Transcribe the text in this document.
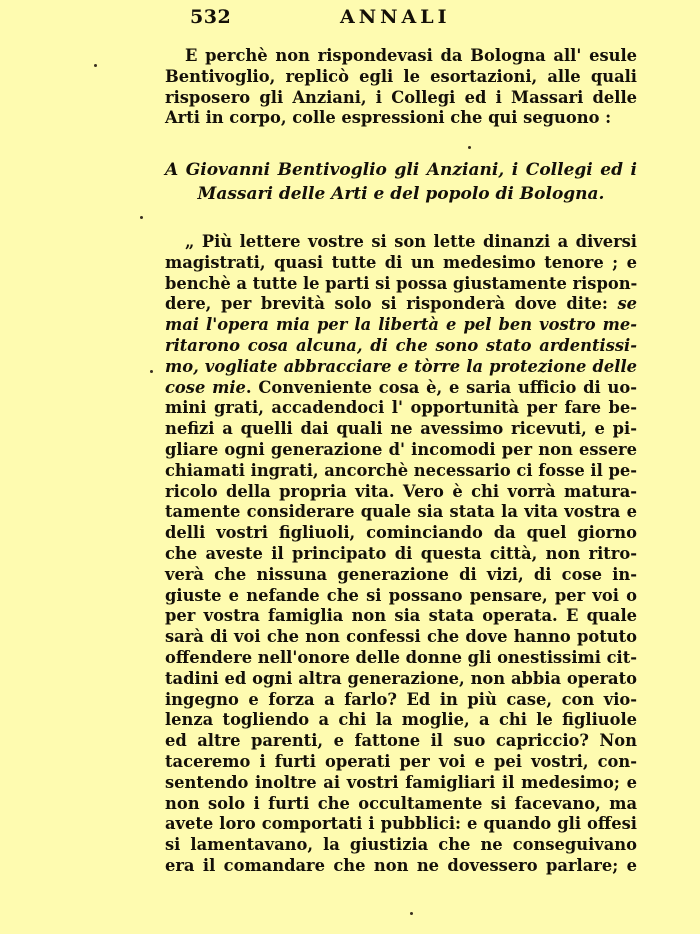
532	ANNALI
E perchè non rispondevasi da Bologna all' esule
Bentivoglio, replicò egli le esortazioni, alle quali
risposero gli Anziani, i Collegi ed i Massari delle
Arti in corpo, colle espressioni che qui seguono :
A Giovanni Bentivoglio gli Anziani, i Collegi ed i
Massari delle Arti e del popolo di Bologna.
„ Più lettere vostre si son lette dinanzi a diversi
magistrati, quasi tutte di un medesimo tenore ; e
benchè a tutte le parti si possa giustamente rispon-
dere, per brevità solo si risponderà dove dite: se
mai l'opera mia per la libertà e pel ben vostro me-
ritarono cosa alcuna, di che sono stato ardentissi-
mo, vogliate abbracciare e tòrre la protezione delle
cose mie. Conveniente cosa è, e saria ufficio di uo-
mini grati, accadendoci l' opportunità per fare be-
nefizi a quelli dai quali ne avessimo ricevuti, e pi-
gliare ogni generazione d' incomodi per non essere
chiamati ingrati, ancorchè necessario ci fosse il pe-
ricolo della propria vita. Vero è chi vorrà matura-
tamente considerare quale sia stata la vita vostra e
delli vostri figliuoli, cominciando da quel giorno
che aveste il principato di questa città, non ritro-
verà che nissuna generazione di vizi, di cose in-
giuste e nefande che si possano pensare, per voi o
per vostra famiglia non sia stata operata. E quale
sarà di voi che non confessi che dove hanno potuto
offendere nell'onore delle donne gli onestissimi cit-
tadini ed ogni altra generazione, non abbia operato
ingegno e forza a farlo? Ed in più case, con vio-
lenza togliendo a chi la moglie, a chi le figliuole
ed altre parenti, e fattone il suo capriccio? Non
taceremo i furti operati per voi e pei vostri, con-
sentendo inoltre ai vostri famigliari il medesimo; e
non solo i furti che occultamente si facevano, ma
avete loro comportati i pubblici: e quando gli offesi
si lamentavano, la giustizia che ne conseguivano
era il comandare che non ne dovessero parlare; e
